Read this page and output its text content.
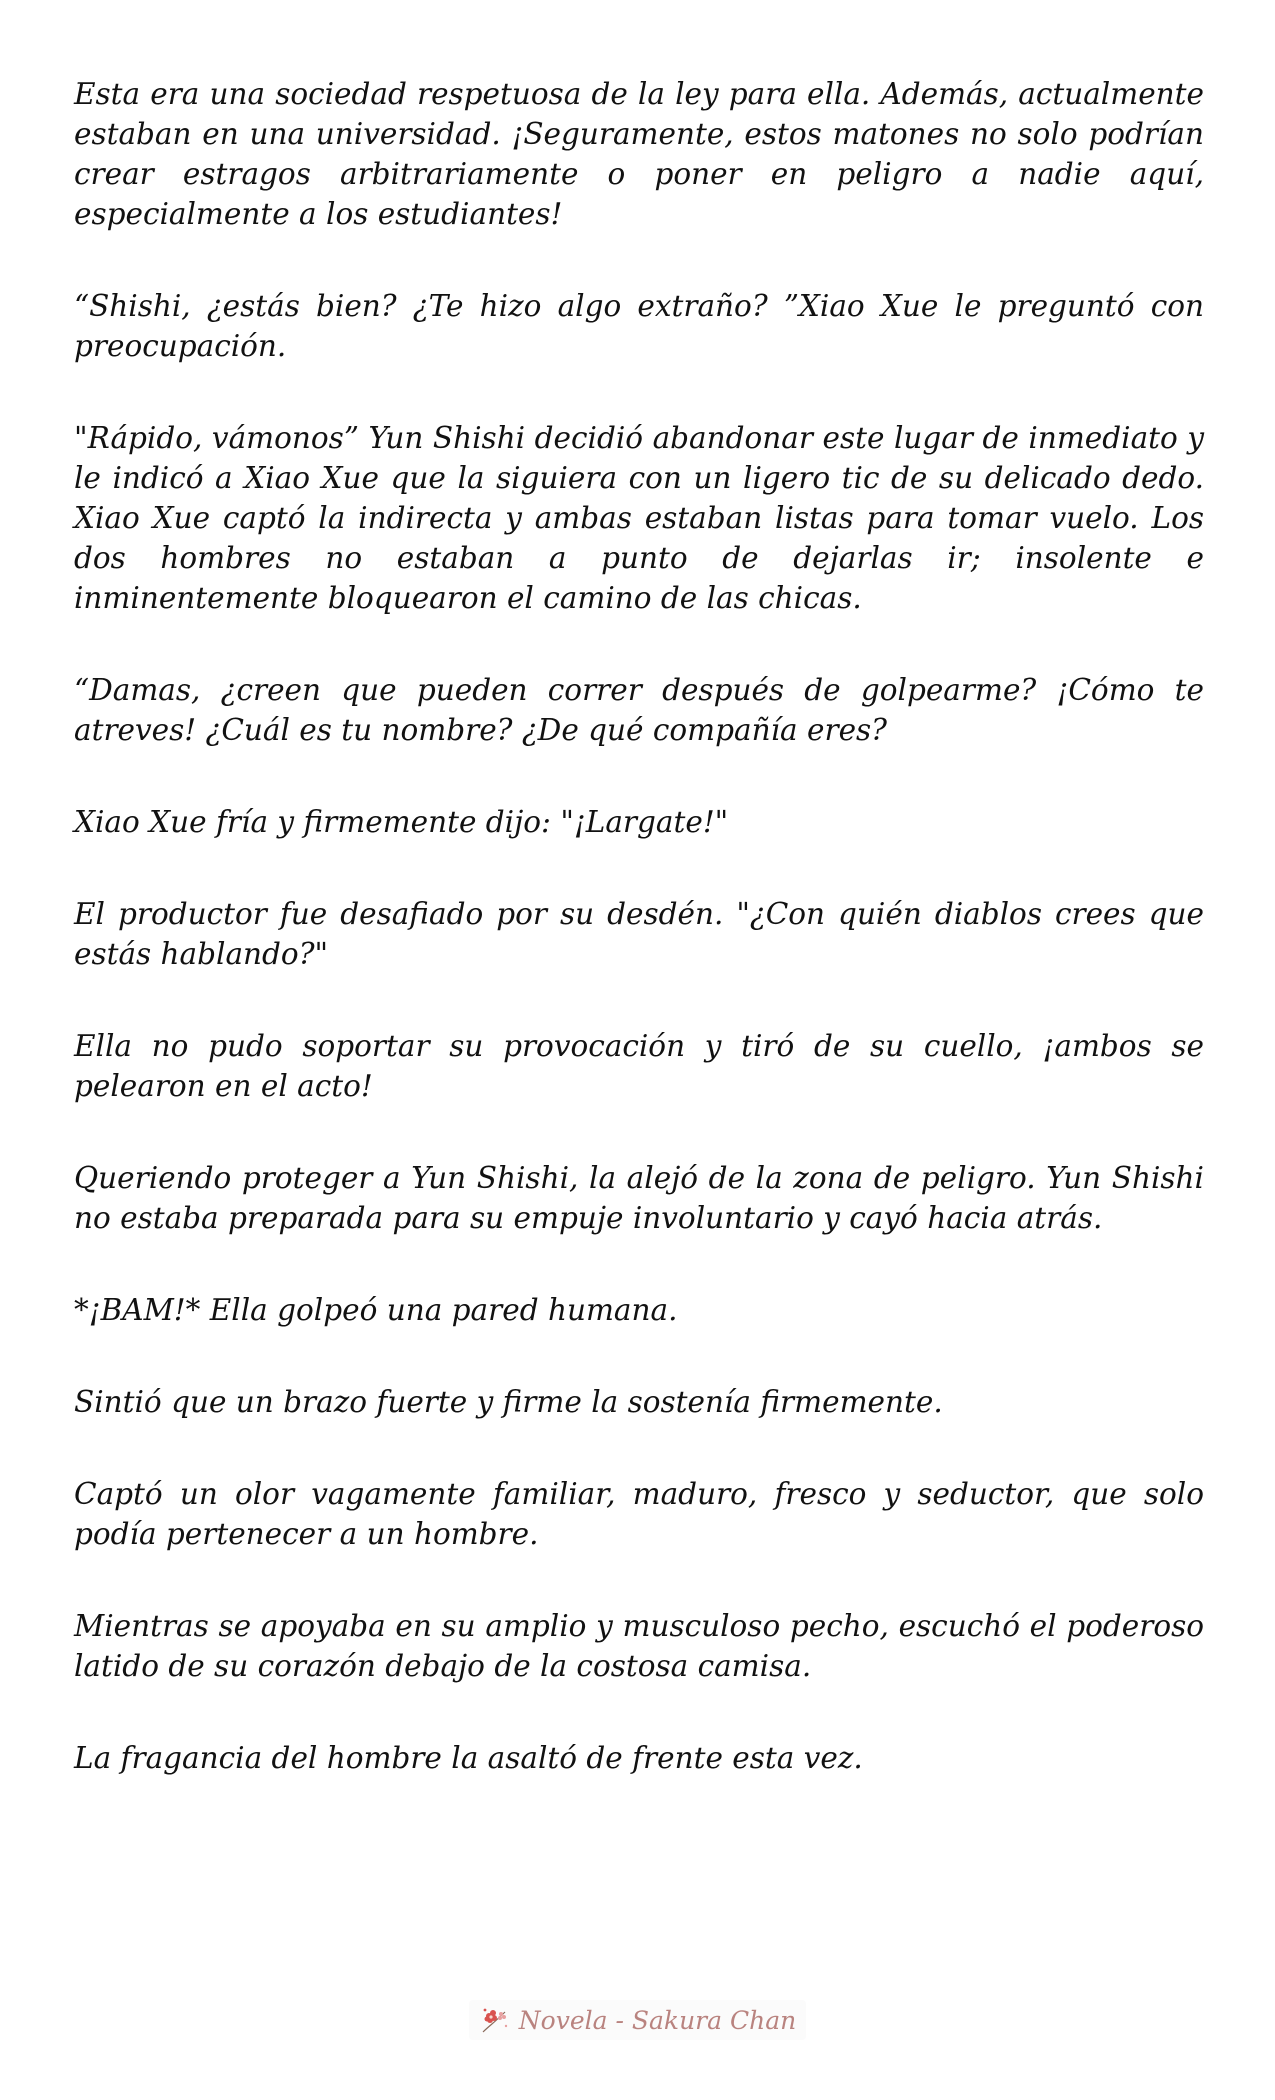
Esta era una sociedad respetuosa de la ley para ella. Además, actualmente estaban en una universidad. ¡Seguramente, estos matones no solo podrían crear estragos arbitrariamente o poner en peligro a nadie aquí, especialmente a los estudiantes!

“Shishi, ¿estás bien? ¿Te hizo algo extraño? ”Xiao Xue le preguntó con preocupación.

"Rápido, vámonos” Yun Shishi decidió abandonar este lugar de inmediato y le indicó a Xiao Xue que la siguiera con un ligero tic de su delicado dedo. Xiao Xue captó la indirecta y ambas estaban listas para tomar vuelo. Los dos hombres no estaban a punto de dejarlas ir; insolente e inminentemente bloquearon el camino de las chicas.

“Damas, ¿creen que pueden correr después de golpearme? ¡Cómo te atreves! ¿Cuál es tu nombre? ¿De qué compañía eres?

Xiao Xue fría y firmemente dijo: "¡Largate!"

El productor fue desafiado por su desdén. "¿Con quién diablos crees que estás hablando?"

Ella no pudo soportar su provocación y tiró de su cuello, ¡ambos se pelearon en el acto!

Queriendo proteger a Yun Shishi, la alejó de la zona de peligro. Yun Shishi no estaba preparada para su empuje involuntario y cayó hacia atrás.

*¡BAM!* Ella golpeó una pared humana.

Sintió que un brazo fuerte y firme la sostenía firmemente.

Captó un olor vagamente familiar, maduro, fresco y seductor, que solo podía pertenecer a un hombre.

Mientras se apoyaba en su amplio y musculoso pecho, escuchó el poderoso latido de su corazón debajo de la costosa camisa.

La fragancia del hombre la asaltó de frente esta vez.

Novela - Sakura Chan
